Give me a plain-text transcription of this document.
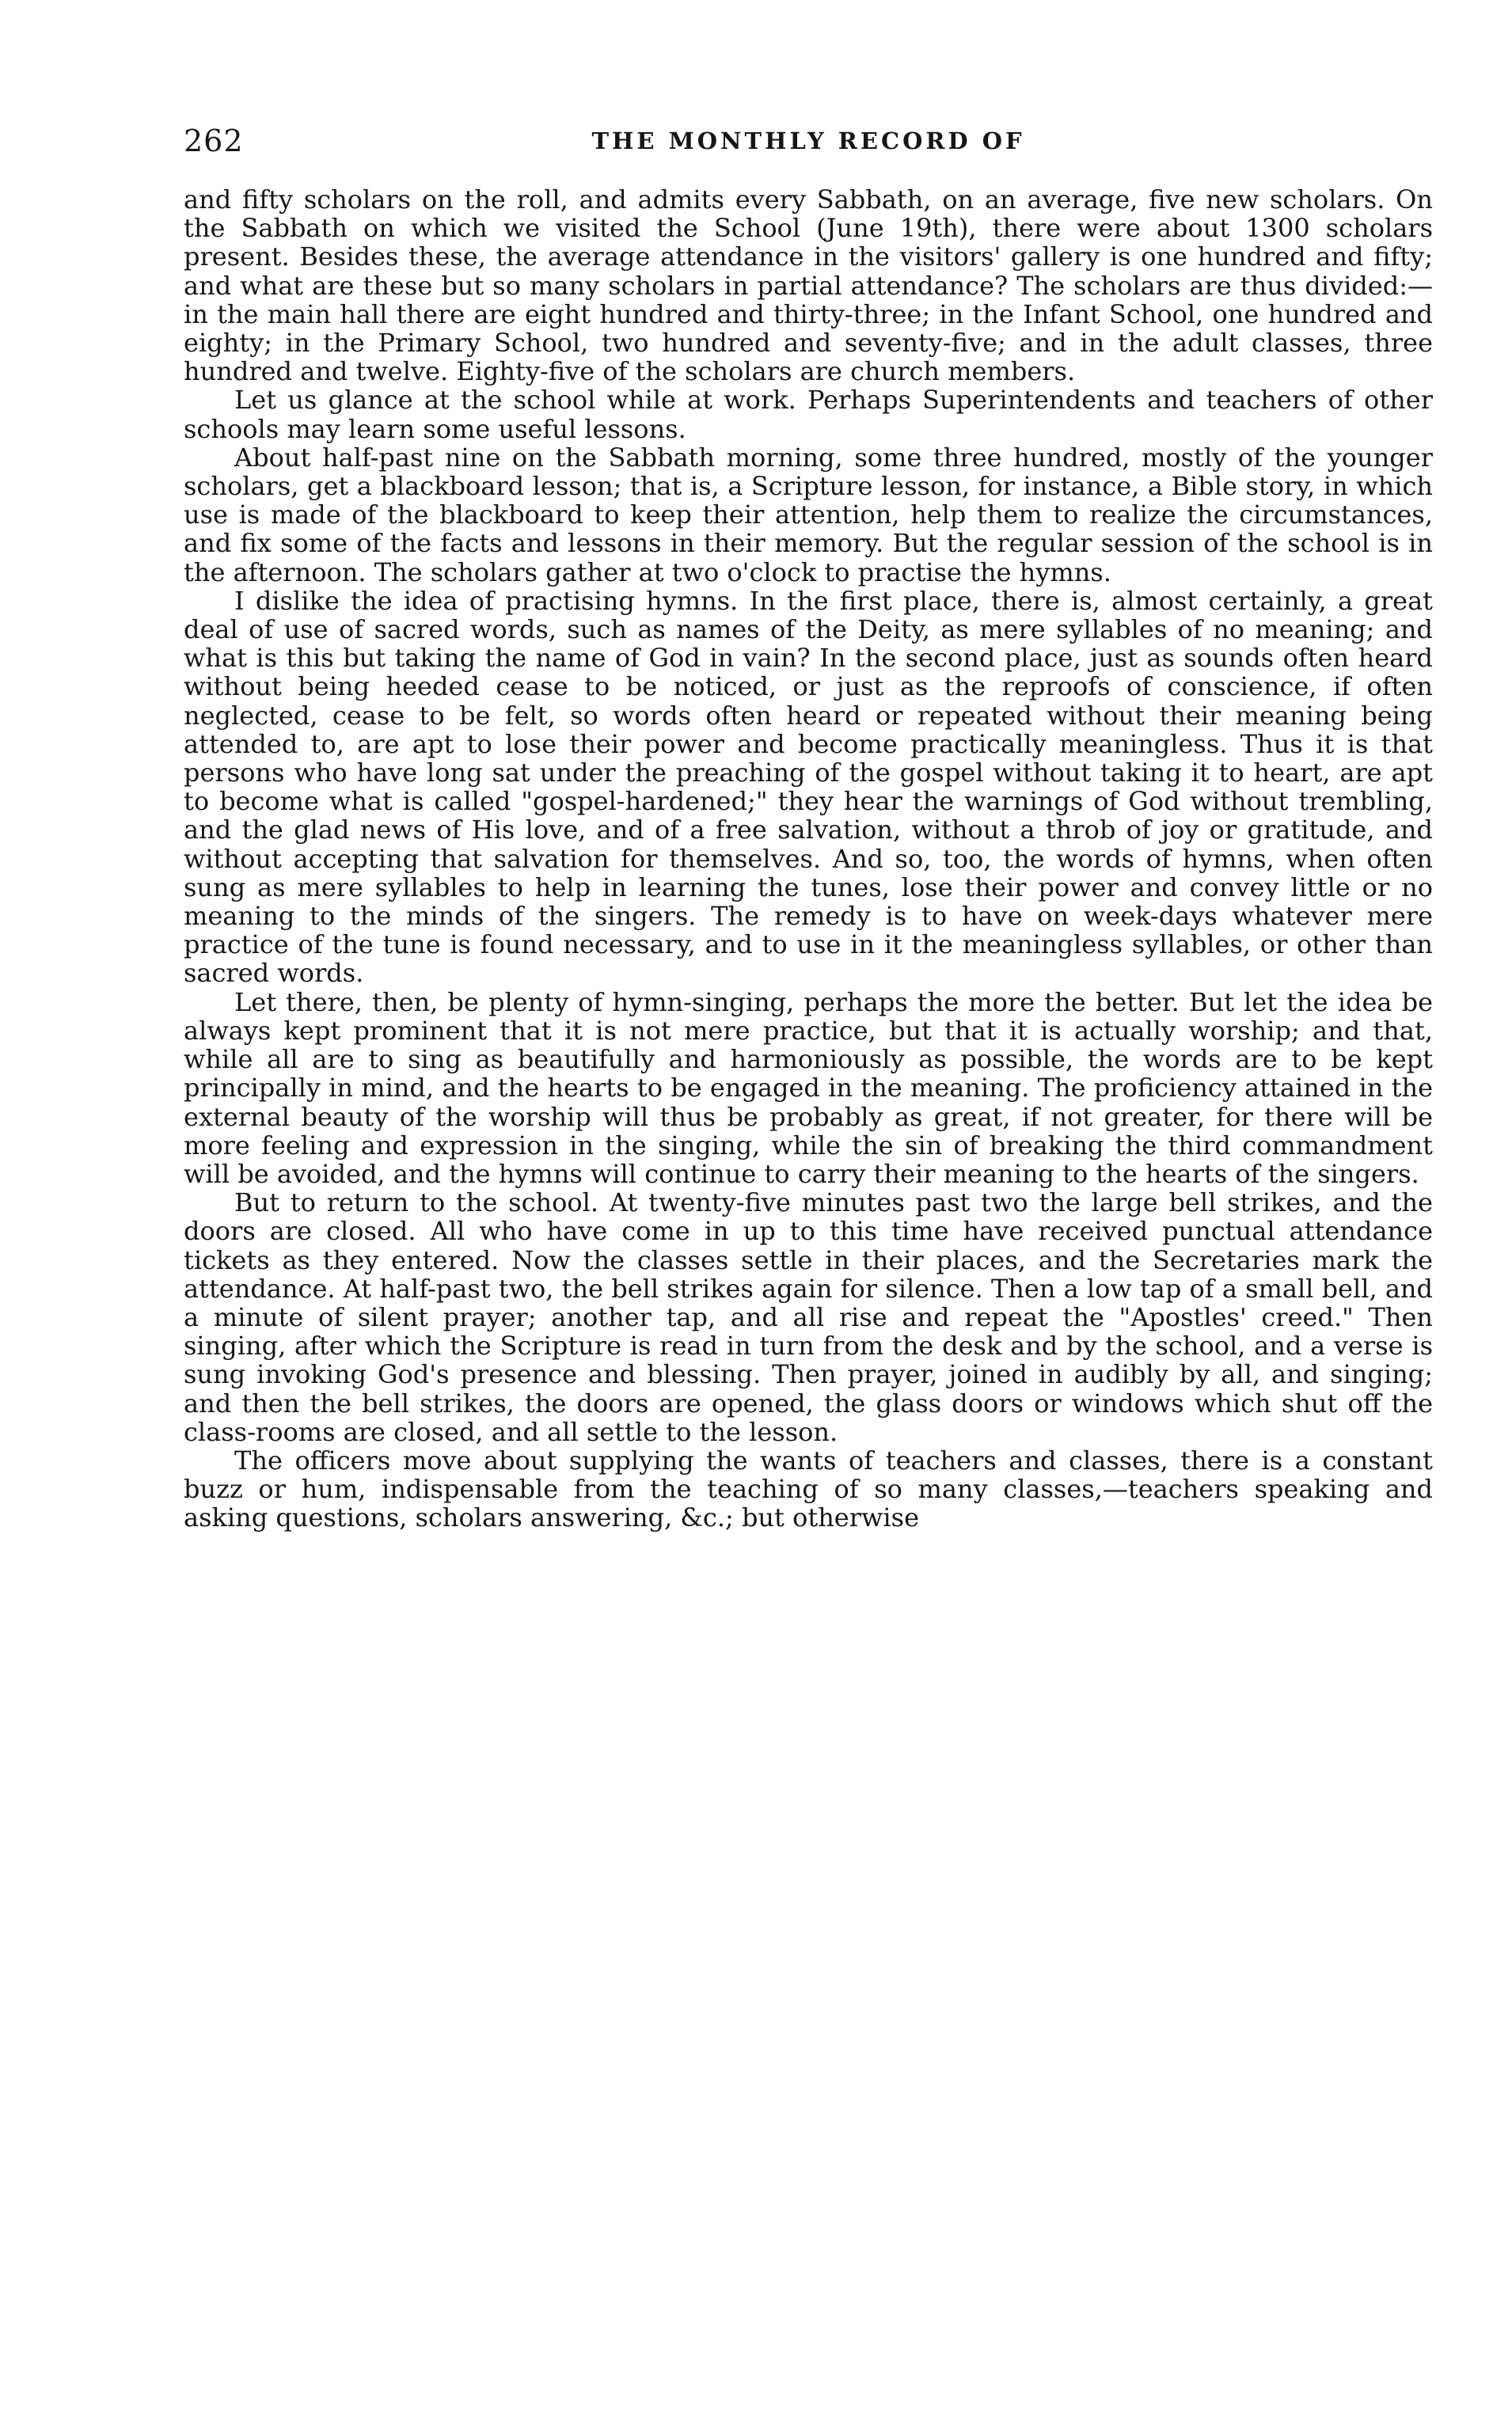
262	THE MONTHLY RECORD OF

and fifty scholars on the roll, and admits every Sabbath, on an average, five new scholars. On the Sabbath on which we visited the School (June 19th), there were about 1300 scholars present. Besides these, the average attendance in the visitors' gallery is one hundred and fifty; and what are these but so many scholars in partial attendance? The scholars are thus divided:—in the main hall there are eight hundred and thirty-three; in the Infant School, one hundred and eighty; in the Primary School, two hundred and seventy-five; and in the adult classes, three hundred and twelve. Eighty-five of the scholars are church members.

Let us glance at the school while at work. Perhaps Superintendents and teachers of other schools may learn some useful lessons.

About half-past nine on the Sabbath morning, some three hundred, mostly of the younger scholars, get a blackboard lesson; that is, a Scripture lesson, for instance, a Bible story, in which use is made of the blackboard to keep their attention, help them to realize the circumstances, and fix some of the facts and lessons in their memory. But the regular session of the school is in the afternoon. The scholars gather at two o'clock to practise the hymns.

I dislike the idea of practising hymns. In the first place, there is, almost certainly, a great deal of use of sacred words, such as names of the Deity, as mere syllables of no meaning; and what is this but taking the name of God in vain? In the second place, just as sounds often heard without being heeded cease to be noticed, or just as the reproofs of conscience, if often neglected, cease to be felt, so words often heard or repeated without their meaning being attended to, are apt to lose their power and become practically meaningless. Thus it is that persons who have long sat under the preaching of the gospel without taking it to heart, are apt to become what is called "gospel-hardened;" they hear the warnings of God without trembling, and the glad news of His love, and of a free salvation, without a throb of joy or gratitude, and without accepting that salvation for themselves. And so, too, the words of hymns, when often sung as mere syllables to help in learning the tunes, lose their power and convey little or no meaning to the minds of the singers. The remedy is to have on week-days whatever mere practice of the tune is found necessary, and to use in it the meaningless syllables, or other than sacred words.

Let there, then, be plenty of hymn-singing, perhaps the more the better. But let the idea be always kept prominent that it is not mere practice, but that it is actually worship; and that, while all are to sing as beautifully and harmoniously as possible, the words are to be kept principally in mind, and the hearts to be engaged in the meaning. The proficiency attained in the external beauty of the worship will thus be probably as great, if not greater, for there will be more feeling and expression in the singing, while the sin of breaking the third commandment will be avoided, and the hymns will continue to carry their meaning to the hearts of the singers.

But to return to the school. At twenty-five minutes past two the large bell strikes, and the doors are closed. All who have come in up to this time have received punctual attendance tickets as they entered. Now the classes settle in their places, and the Secretaries mark the attendance. At half-past two, the bell strikes again for silence. Then a low tap of a small bell, and a minute of silent prayer; another tap, and all rise and repeat the "Apostles' creed." Then singing, after which the Scripture is read in turn from the desk and by the school, and a verse is sung invoking God's presence and blessing. Then prayer, joined in audibly by all, and singing; and then the bell strikes, the doors are opened, the glass doors or windows which shut off the class-rooms are closed, and all settle to the lesson.

The officers move about supplying the wants of teachers and classes, there is a constant buzz or hum, indispensable from the teaching of so many classes,—teachers speaking and asking questions, scholars answering, &c.; but otherwise
